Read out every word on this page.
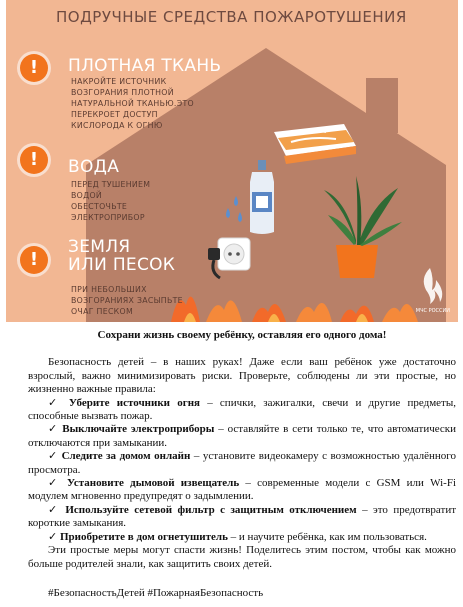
ПОДРУЧНЫЕ СРЕДСТВА ПОЖАРОТУШЕНИЯ
!	ПЛОТНАЯ ТКАНЬ
НАКРОЙТЕ ИСТОЧНИК
ВОЗГОРАНИЯ ПЛОТНОЙ
НАТУРАЛЬНОЙ ТКАНЬЮ.ЭТО
ПЕРЕКРОЕТ ДОСТУП
КИСЛОРОДА К ОГНЮ
!	ВОДА
ПЕРЕД ТУШЕНИЕМ
ВОДОЙ
ОБЕСТОЧЬТЕ
ЭЛЕКТРОПРИБОР
!
ЗЕМЛЯ
ИЛИ ПЕСОК
ПРИ НЕБОЛЬШИХ
ВОЗГОРАНИЯХ ЗАСЫПЬТЕ
ОЧАГ ПЕСКОМ	МЧС РОССИИ

Сохрани жизнь своему ребёнку, оставляя его одного дома!

Безопасность детей – в наших руках! Даже если ваш ребёнок уже достаточно взрослый, важно минимизировать риски. Проверьте, соблюдены ли эти простые, но жизненно важные правила:

✓ Уберите источники огня – спички, зажигалки, свечи и другие предметы, способные вызвать пожар.

✓ Выключайте электроприборы – оставляйте в сети только те, что автоматически отключаются при замыкании.

✓ Следите за домом онлайн – установите видеокамеру с возможностью удалённого просмотра.

✓ Установите дымовой извещатель – современные модели с GSM или Wi-Fi модулем мгновенно предупредят о задымлении.

✓ Используйте сетевой фильтр с защитным отключением – это предотвратит короткие замыкания.

✓ Приобретите в дом огнетушитель – и научите ребёнка, как им пользоваться.

Эти простые меры могут спасти жизнь! Поделитесь этим постом, чтобы как можно больше родителей знали, как защитить своих детей.

#БезопасностьДетей #ПожарнаяБезопасность
